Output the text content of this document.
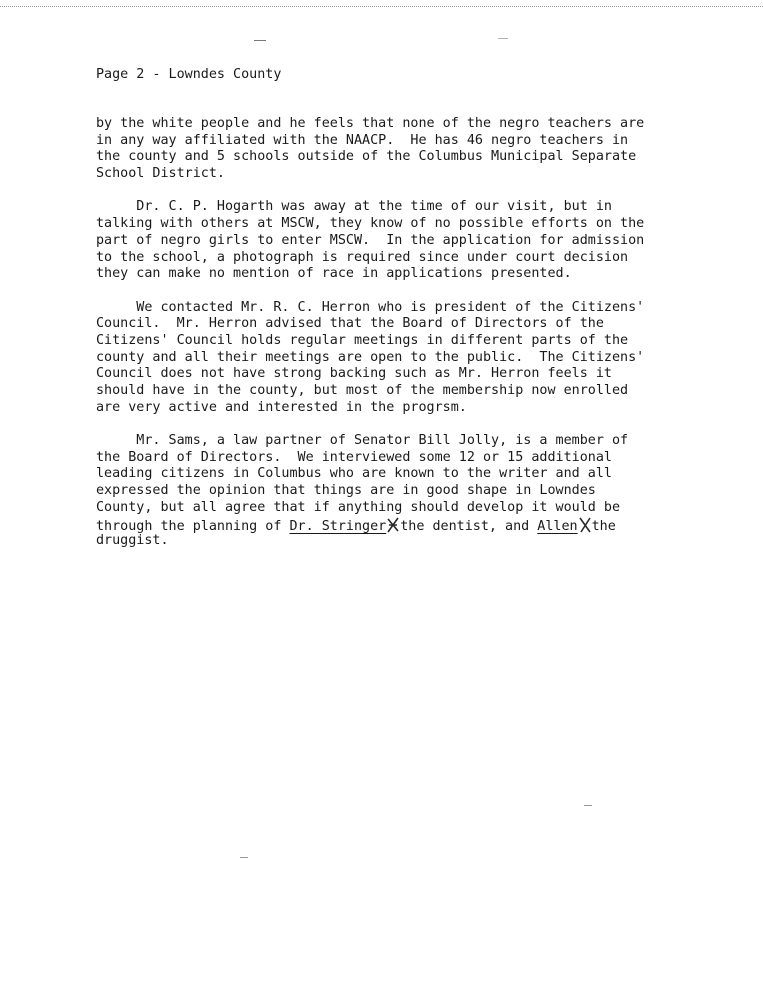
Page 2 - Lowndes County
by the white people and he feels that none of the negro teachers are
in any way affiliated with the NAACP.  He has 46 negro teachers in
the county and 5 schools outside of the Columbus Municipal Separate
School District.
Dr. C. P. Hogarth was away at the time of our visit, but in
talking with others at MSCW, they know of no possible efforts on the
part of negro girls to enter MSCW.  In the application for admission
to the school, a photograph is required since under court decision
they can make no mention of race in applications presented.
We contacted Mr. R. C. Herron who is president of the Citizens'
Council.  Mr. Herron advised that the Board of Directors of the
Citizens' Council holds regular meetings in different parts of the
county and all their meetings are open to the public.  The Citizens'
Council does not have strong backing such as Mr. Herron feels it
should have in the county, but most of the membership now enrolled
are very active and interested in the progrsm.
Mr. Sams, a law partner of Senator Bill Jolly, is a member of
the Board of Directors.  We interviewed some 12 or 15 additional
leading citizens in Columbus who are known to the writer and all
expressed the opinion that things are in good shape in Lowndes
County, but all agree that if anything should develop it would be
through the planning of Dr. Stringer the dentist, and Allen the
druggist.
